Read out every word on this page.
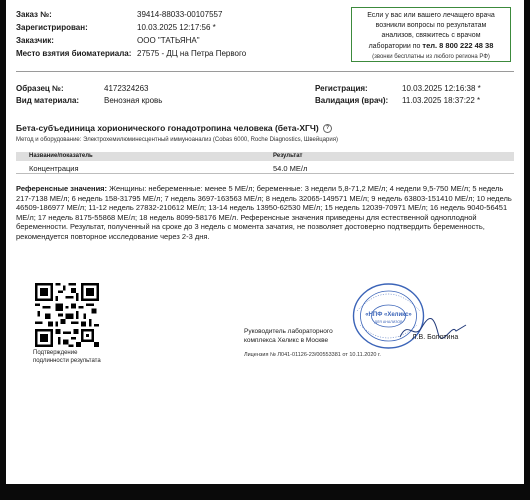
Заказ №:	39414-88033-00107557
Зарегистрирован:	10.03.2025 12:17:56 *
Заказчик:	ООО "ТАТЬЯНА"
Место взятия биоматериала: 27575 - ДЦ на Петра Первого
Если у вас или вашего лечащего врача
возникли вопросы по результатам
анализов, свяжитесь с врачом
лаборатории по тел. 8 800 222 48 38
(звонки бесплатны из любого региона РФ)
Образец №:	4172324263
Вид материала:	Венозная кровь
Регистрация:	10.03.2025 12:16:38 *
Валидация (врач): 11.03.2025 18:37:22 *
Бета-субъединица хорионического гонадотропина человека (бета-ХГЧ) ?
Метод и оборудование: Электрохемилюминесцентный иммуноанализ (Cobas 6000, Roche Diagnostics, Швейцария)
Название/показатель	Результат
Концентрация	54.0 МЕ/л
Референсные значения: Женщины: небеременные: менее 5 МЕ/л; беременные: 3 недели 5,8-71,2 МЕ/л; 4 недели 9,5-750 МЕ/л; 5 недель 217-7138 МЕ/л; 6 недель 158-31795 МЕ/л; 7 недель 3697-163563 МЕ/л; 8 недель 32065-149571 МЕ/л; 9 недель 63803-151410 МЕ/л; 10 недель 46509-186977 МЕ/л; 11-12 недель 27832-210612 МЕ/л; 13-14 недель 13950-62530 МЕ/л; 15 недель 12039-70971 МЕ/л; 16 недель 9040-56451 МЕ/л; 17 недель 8175-55868 МЕ/л; 18 недель 8099-58176 МЕ/л. Референсные значения приведены для естественной одноплодной беременности. Результат, полученный на сроке до 3 недель с момента зачатия, не позволяет достоверно подтвердить беременность, рекомендуется повторное исследование через 2-3 дня.
Подтверждение
подлинности результата
Руководитель лабораторного
комплекса Хеликс в Москве
«НПФ «Хеликс»
ДЛЯ АНАЛИЗОВ
Л.В. Болотина
Лицензия № Л041-01126-23/00553381 от 10.11.2020 г.
